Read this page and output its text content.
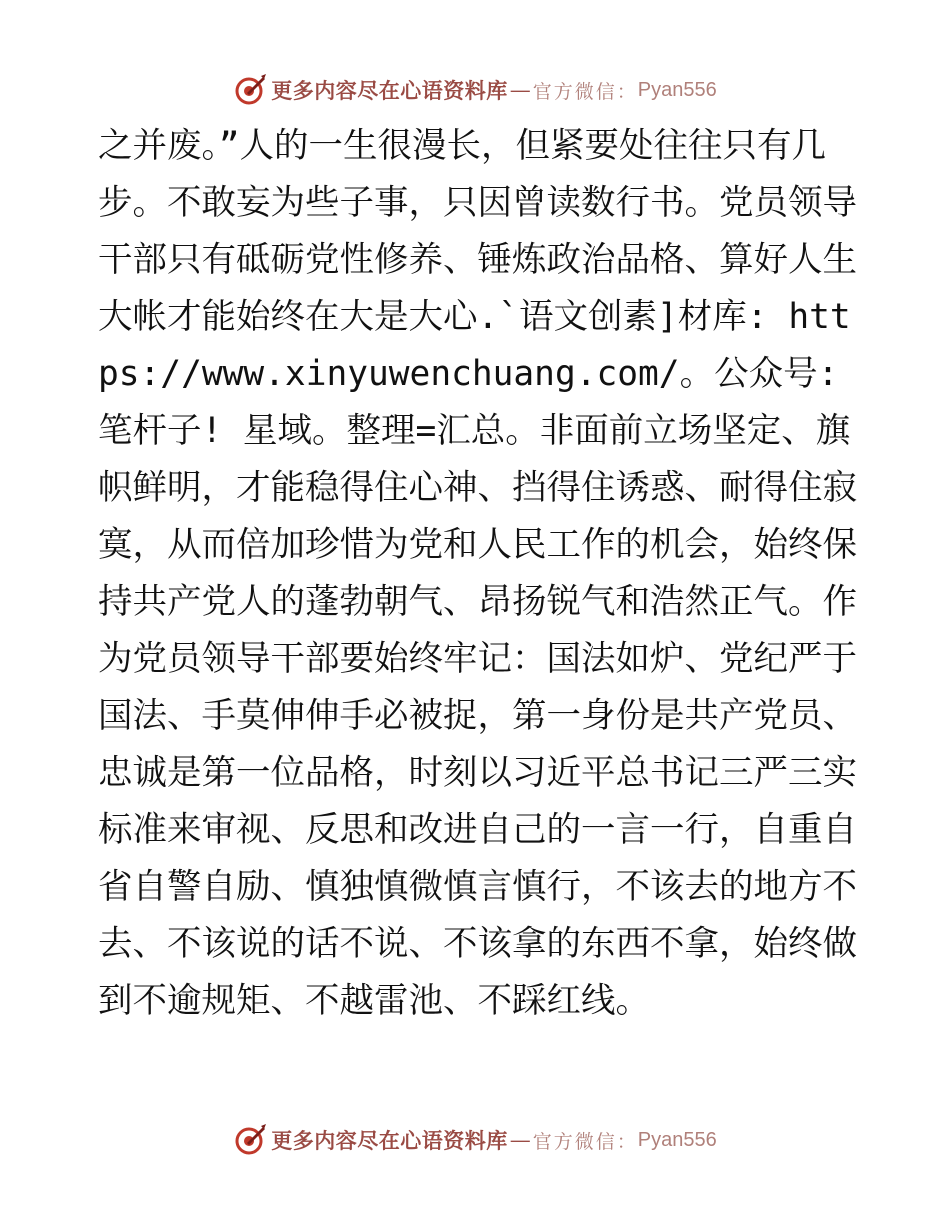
更多内容尽在心语资料库 — 官方微信： Pyan556

之并废。”人的一生很漫长，但紧要处往往只有几步。不敢妄为些子事，只因曾读数行书。党员领导干部只有砥砺党性修养、锤炼政治品格、算好人生大帐才能始终在大是大心.`语文创素]材库: https://www.xinyuwenchuang.com/。公众号: 笔杆子! 星域。整理=汇总。非面前立场坚定、旗帜鲜明，才能稳得住心神、挡得住诱惑、耐得住寂寞，从而倍加珍惜为党和人民工作的机会，始终保持共产党人的蓬勃朝气、昂扬锐气和浩然正气。作为党员领导干部要始终牢记：国法如炉、党纪严于国法、手莫伸伸手必被捉，第一身份是共产党员、忠诚是第一位品格，时刻以习近平总书记三严三实标准来审视、反思和改进自己的一言一行，自重自省自警自励、慎独慎微慎言慎行，不该去的地方不去、不该说的话不说、不该拿的东西不拿，始终做到不逾规矩、不越雷池、不踩红线。

更多内容尽在心语资料库 — 官方微信： Pyan556
